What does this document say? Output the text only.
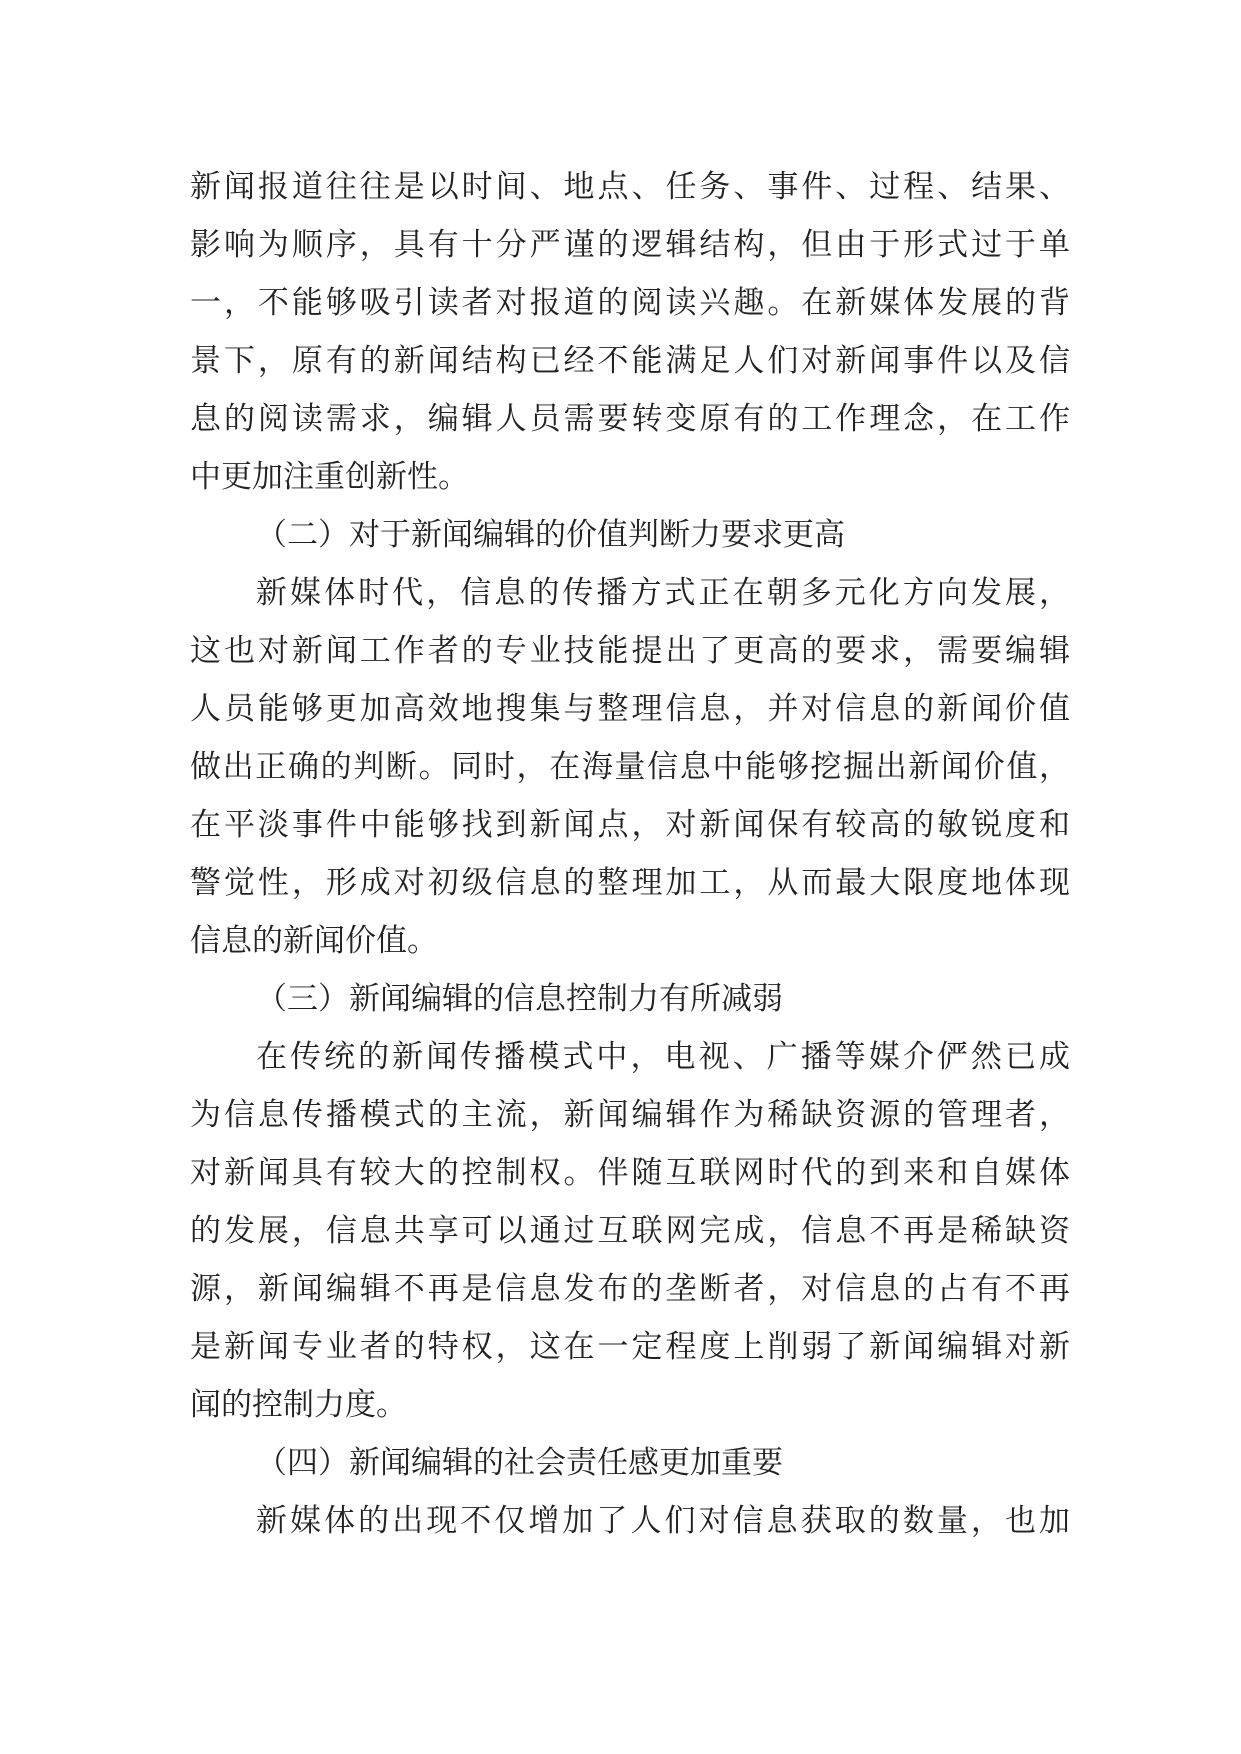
新闻报道往往是以时间、地点、任务、事件、过程、结果、
影响为顺序，具有十分严谨的逻辑结构，但由于形式过于单
一，不能够吸引读者对报道的阅读兴趣。在新媒体发展的背
景下，原有的新闻结构已经不能满足人们对新闻事件以及信
息的阅读需求，编辑人员需要转变原有的工作理念，在工作
中更加注重创新性。
（二）对于新闻编辑的价值判断力要求更高
新媒体时代，信息的传播方式正在朝多元化方向发展，
这也对新闻工作者的专业技能提出了更高的要求，需要编辑
人员能够更加高效地搜集与整理信息，并对信息的新闻价值
做出正确的判断。同时，在海量信息中能够挖掘出新闻价值，
在平淡事件中能够找到新闻点，对新闻保有较高的敏锐度和
警觉性，形成对初级信息的整理加工，从而最大限度地体现
信息的新闻价值。
（三）新闻编辑的信息控制力有所减弱
在传统的新闻传播模式中，电视、广播等媒介俨然已成
为信息传播模式的主流，新闻编辑作为稀缺资源的管理者，
对新闻具有较大的控制权。伴随互联网时代的到来和自媒体
的发展，信息共享可以通过互联网完成，信息不再是稀缺资
源，新闻编辑不再是信息发布的垄断者，对信息的占有不再
是新闻专业者的特权，这在一定程度上削弱了新闻编辑对新
闻的控制力度。
（四）新闻编辑的社会责任感更加重要
新媒体的出现不仅增加了人们对信息获取的数量，也加
